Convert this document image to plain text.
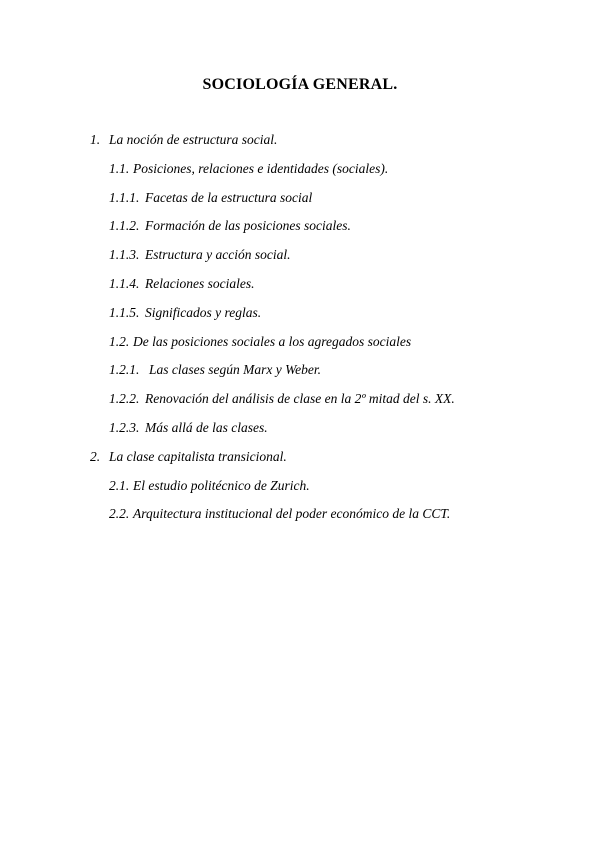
SOCIOLOGÍA GENERAL.
1. La noción de estructura social.
1.1. Posiciones, relaciones e identidades (sociales).
1.1.1. Facetas de la estructura social
1.1.2. Formación de las posiciones sociales.
1.1.3. Estructura y acción social.
1.1.4. Relaciones sociales.
1.1.5. Significados y reglas.
1.2. De las posiciones sociales a los agregados sociales
1.2.1. Las clases según Marx y Weber.
1.2.2. Renovación del análisis de clase en la 2º mitad del s. XX.
1.2.3. Más allá de las clases.
2. La clase capitalista transicional.
2.1. El estudio politécnico de Zurich.
2.2. Arquitectura institucional del poder económico de la CCT.
